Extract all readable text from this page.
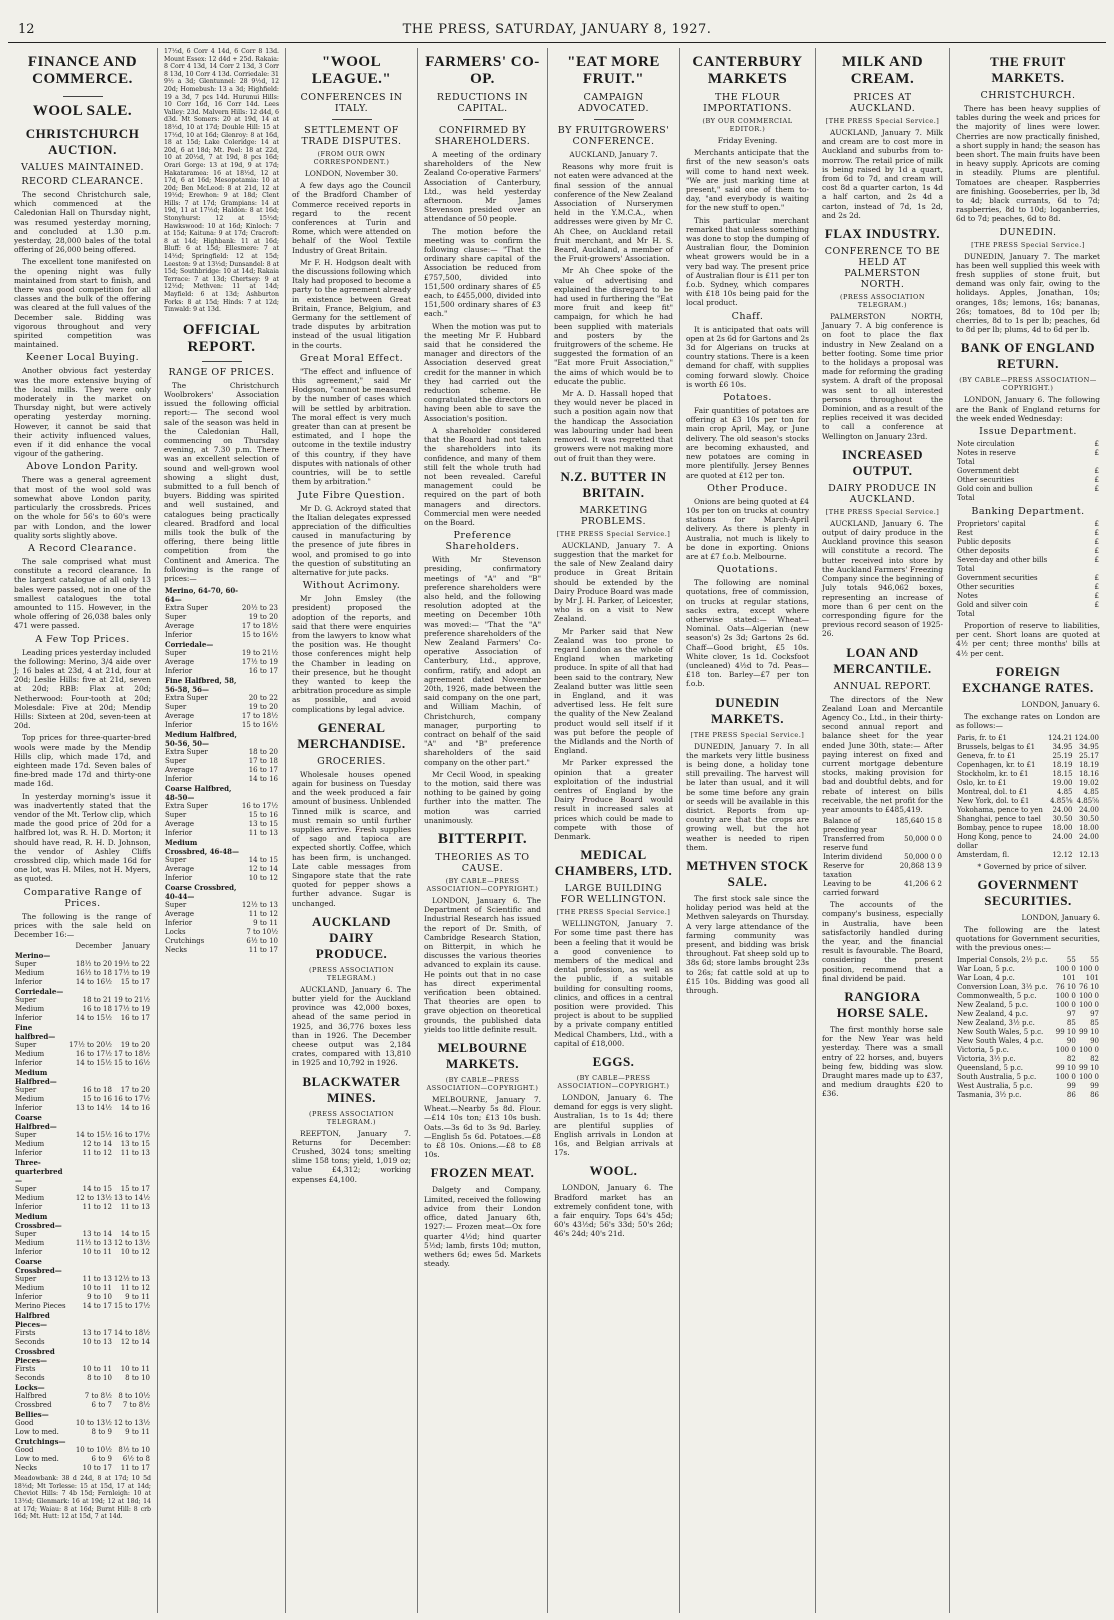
12	THE PRESS, SATURDAY, JANUARY 8, 1927.
FINANCE AND COMMERCE.
WOOL SALE.
CHRISTCHURCH AUCTION.
VALUES MAINTAINED.
RECORD CLEARANCE.

The second Christchurch sale, which commenced at the Caledonian Hall on Thursday night, was resumed yesterday morning, and concluded at 1.30 p.m. yesterday, 28,000 bales of the total offering of 26,000 being offered.

The excellent tone manifested on the opening night was fully maintained from start to finish, and there was good competition for all classes and the bulk of the offering was cleared at the full values of the December sale. Bidding was vigorous throughout and very spirited competition was maintained.

Keener Local Buying.

Another obvious fact yesterday was the more extensive buying of the local mills. They were only moderately in the market on Thursday night, but were actively operating yesterday morning. However, it cannot be said that their activity influenced values, even if it did enhance the vocal vigour of the gathering.

Above London Parity.

There was a general agreement that most of the wool sold was somewhat above London parity, particularly the crossbreds. Prices on the whole for 56's to 60's were par with London, and the lower quality sorts slightly above.

A Record Clearance.

The sale comprised what must constitute a record clearance. In the largest catalogue of all only 13 bales were passed, not in one of the smallest catalogues the total amounted to 115. However, in the whole offering of 26,038 bales only 471 were passed.

A Few Top Prices.

Leading prices yesterday included the following: Merino, 3/4 aide over J; 16 bales at 23d, 4 at 21d, four at 20d; Leslie Hills: five at 21d, seven at 20d; RBB: Flax at 20d; Netherwood: Four-tooth at 20d; Molesdale: Five at 20d; Mendip Hills: Sixteen at 20d, seven-teen at 20d.

Top prices for three-quarter-bred wools were made by the Mendip Hills clip, which made 17d, and eighteen made 17d. Seven bales of fine-bred made 17d and thirty-one made 16d.

In yesterday morning's issue it was inadvertently stated that the vendor of the Mt. Terlow clip, which made the good price of 20d for a halfbred lot, was R. H. D. Morton; it should have read, R. H. D. Johnson, the vendor of Ashley Cliffs crossbred clip, which made 16d for one lot, was H. Miles, not H. Myers, as quoted.

Comparative Range of Prices.

The following is the range of prices with the sale held on December 16:—

	December	January
Merino—		
Super	18½ to 20	19½ to 22
Medium	16½ to 18	17½ to 19
Inferior	14 to 16½	15 to 17
Corriedale—		
Super	18 to 21	19 to 21½
Medium	16 to 18	17½ to 19
Inferior	14 to 15½	16 to 17
Fine halfbred—		
Super	17½ to 20½	19 to 20
Medium	16 to 17½	17 to 18½
Inferior	14 to 15½	15 to 16½
Medium Halfbred—		
Super	16 to 18	17 to 20
Medium	15 to 16	16 to 17½
Inferior	13 to 14½	14 to 16
Coarse Halfbred—		
Super	14 to 15½	16 to 17½
Medium	12 to 14	13 to 15
Inferior	11 to 12	11 to 13
Three-quarterbred—		
Super	14 to 15	15 to 17
Medium	12 to 13½	13 to 14½
Inferior	11 to 12	11 to 13
Medium Crossbred—		
Super	13 to 14	14 to 15
Medium	11½ to 13	12 to 13½
Inferior	10 to 11	10 to 12
Coarse Crossbred—		
Super	11 to 13	12½ to 13
Medium	10 to 11	11 to 12
Inferior	9 to 10	9 to 11
Merino Pieces	14 to 17	15 to 17½
Halfbred Pieces—		
Firsts	13 to 17	14 to 18½
Seconds	10 to 13	12 to 14
Crossbred Pieces—		
Firsts	10 to 11	10 to 11
Seconds	8 to 10	8 to 10
Locks—		
Halfbred	7 to 8½	8 to 10½
Crossbred	6 to 7	7 to 8½
Bellies—		
Good	10 to 13½	12 to 13½
Low to med.	8 to 9	9 to 11
Crutchings—		
Good	10 to 10½	8½ to 10
Low to med.	6 to 9	6½ to 8
Necks	10 to 17	11 to 17

Meadowbank: 38 d 24d, 8 at 17d; 10 5d 18½d; Mt Torlesse: 15 at 15d, 17 at 14d; Cheviot Hills: 7 4b 15d; Fernleigh: 10 at 13½d; Glenmark: 16 at 19d; 12 at 18d; 14 at 17d; Waiau: 8 at 16d; Burnt Hill: 8 crb 16d; Mt. Hutt: 12 at 15d, 7 at 14d.

17½d, 6 Corr 4 14d, 6 Corr 8 13d. Mount Essex: 12 d4d + 25d. Rakaia: 8 Corr 4 13d, 14 Corr 2 13d, 3 Corr 8 13d, 10 Corr 4 13d. Corriedale: 31 9½ a 3d; Glentunnel: 28 9½d, 12 20d; Homebush: 13 a 3d; Highfield: 19 a 3d, 7 pcs 14d. Hurunui Hills: 10 Corr 16d, 16 Corr 14d. Lees Valley: 23d. Malvern Hills: 12 d4d, 6 d3d. Mt Somers: 20 at 19d, 14 at 18½d, 10 at 17d; Double Hill: 15 at 17½d, 10 at 16d; Glenroy: 8 at 16d, 18 at 15d; Lake Coleridge: 14 at 20d, 6 at 18d; Mt. Peel: 18 at 22d, 10 at 20½d, 7 at 19d, 8 pcs 16d; Orari Gorge: 13 at 19d, 9 at 17d; Hakataramea: 16 at 18½d, 12 at 17d, 6 at 16d; Mesopotamia: 10 at 20d; Ben McLeod: 8 at 21d, 12 at 19½d; Erewhon: 9 at 18d; Clent Hills: 7 at 17d; Grampians: 14 at 19d, 11 at 17½d; Haldon: 8 at 16d; Stonyhurst: 12 at 15½d; Hawkswood: 10 at 16d; Kinloch: 7 at 15d; Kaituna: 9 at 17d; Cracroft: 8 at 14d; Highbank: 11 at 16d; Bluff: 6 at 15d; Ellesmere: 7 at 14½d; Springfield: 12 at 15d; Leeston: 9 at 13½d; Dunsandel: 8 at 15d; Southbridge: 10 at 14d; Rakaia Terrace: 7 at 13d; Chertsey: 9 at 12½d; Methven: 11 at 14d; Mayfield: 6 at 13d; Ashburton Forks: 8 at 15d; Hinds: 7 at 12d; Tinwald: 9 at 13d.

OFFICIAL REPORT.
RANGE OF PRICES.

The Christchurch Woolbrokers' Association issued the following official report:— The second wool sale of the season was held in the Caledonian Hall, commencing on Thursday evening, at 7.30 p.m. There was an excellent selection of sound and well-grown wool showing a slight dust, submitted to a full bench of buyers. Bidding was spirited and well sustained, and catalogues being practically cleared. Bradford and local mills took the bulk of the offering, there being little competition from the Continent and America. The following is the range of prices:—

Merino, 64-70, 60-64—	
Extra Super	20½ to 23
Super	19 to 20
Average	17 to 18½
Inferior	15 to 16½
Corriedale—	
Super	19 to 21½
Average	17½ to 19
Inferior	16 to 17
Fine Halfbred, 58, 56-58, 56—	
Extra Super	20 to 22
Super	19 to 20
Average	17 to 18½
Inferior	15 to 16½
Medium Halfbred, 50-56, 50—	
Extra Super	18 to 20
Super	17 to 18
Average	16 to 17
Inferior	14 to 16
Coarse Halfbred, 48-50—	
Extra Super	16 to 17½
Super	15 to 16
Average	13 to 15
Inferior	11 to 13
Medium Crossbred, 46-48—	
Super	14 to 15
Average	12 to 14
Inferior	10 to 12
Coarse Crossbred, 40-44—	
Super	12½ to 13
Average	11 to 12
Inferior	9 to 11
Locks	7 to 10½
Crutchings	6½ to 10
Necks	11 to 17
"WOOL LEAGUE."
CONFERENCES IN ITALY.
SETTLEMENT OF TRADE DISPUTES.
(FROM OUR OWN CORRESPONDENT.)

LONDON, November 30.

A few days ago the Council of the Bradford Chamber of Commerce received reports in regard to the recent conferences at Turin and Rome, which were attended on behalf of the Wool Textile Industry of Great Britain.

Mr F. H. Hodgson dealt with the discussions following which Italy had proposed to become a party to the agreement already in existence between Great Britain, France, Belgium, and Germany for the settlement of trade disputes by arbitration instead of the usual litigation in the courts.

Great Moral Effect.

"The effect and influence of this agreement," said Mr Hodgson, "cannot be measured by the number of cases which will be settled by arbitration. The moral effect is very much greater than can at present be estimated, and I hope the outcome in the textile industry of this country, if they have disputes with nationals of other countries, will be to settle them by arbitration."

Jute Fibre Question.

Mr D. G. Ackroyd stated that the Italian delegates expressed appreciation of the difficulties caused in manufacturing by the presence of jute fibres in wool, and promised to go into the question of substituting an alternative for jute packs.

Without Acrimony.

Mr John Emsley (the president) proposed the adoption of the reports, and said that there were enquiries from the lawyers to know what the position was. He thought those conferences might help the Chamber in leading on their presence, but he thought they wanted to keep the arbitration procedure as simple as possible, and avoid complications by legal advice.

GENERAL MERCHANDISE.
GROCERIES.

Wholesale houses opened again for business on Tuesday and the week produced a fair amount of business. Unblended Tinned milk is scarce, and must remain so until further supplies arrive. Fresh supplies of sago and tapioca are expected shortly. Coffee, which has been firm, is unchanged. Late cable messages from Singapore state that the rate quoted for pepper shows a further advance. Sugar is unchanged.

AUCKLAND DAIRY PRODUCE.
(PRESS ASSOCIATION TELEGRAM.)

AUCKLAND, January 6. The butter yield for the Auckland province was 42,000 boxes, ahead of the same period in 1925, and 36,776 boxes less than in 1926. The December cheese output was 2,184 crates, compared with 13,810 in 1925 and 10,792 in 1926.

BLACKWATER MINES.
(PRESS ASSOCIATION TELEGRAM.)

REEFTON, January 7. Returns for December: Crushed, 3024 tons; smelting slime 158 tons; yield, 1,019 oz; value £4,312; working expenses £4,100.

FARMERS' CO-OP.
REDUCTIONS IN CAPITAL.
CONFIRMED BY SHAREHOLDERS.

A meeting of the ordinary shareholders of the New Zealand Co-operative Farmers' Association of Canterbury, Ltd., was held yesterday afternoon. Mr James Stevenson presided over an attendance of 50 people.

The motion before the meeting was to confirm the following clause:— "That the ordinary share capital of the Association be reduced from £757,500, divided into 151,500 ordinary shares of £5 each, to £455,000, divided into 151,500 ordinary shares of £3 each."

When the motion was put to the meeting Mr F. Hubbard said that he considered the manager and directors of the Association deserved great credit for the manner in which they had carried out the reduction scheme. He congratulated the directors on having been able to save the Association's position.

A shareholder considered that the Board had not taken the shareholders into its confidence, and many of them still felt the whole truth had not been revealed. Careful management could be required on the part of both managers and directors. Commercial men were needed on the Board.

Preference Shareholders.

With Mr Stevenson presiding, confirmatory meetings of "A" and "B" preference shareholders were also held, and the following resolution adopted at the meeting on December 10th was moved:— "That the "A" preference shareholders of the New Zealand Farmers' Co-operative Association of Canterbury, Ltd., approve, confirm, ratify, and adopt an agreement dated November 20th, 1926, made between the said company on the one part, and William Machin, of Christchurch, company manager, purporting to contract on behalf of the said "A" and "B" preference shareholders of the said company on the other part."

Mr Cecil Wood, in speaking to the motion, said there was nothing to be gained by going further into the matter. The motion was carried unanimously.

BITTERPIT.
THEORIES AS TO CAUSE.
(BY CABLE—PRESS ASSOCIATION—COPYRIGHT.)

LONDON, January 6. The Department of Scientific and Industrial Research has issued the report of Dr. Smith, of Cambridge Research Station, on Bitterpit, in which he discusses the various theories advanced to explain its cause. He points out that in no case has direct experimental verification been obtained. That theories are open to grave objection on theoretical grounds, the published data yields too little definite result.

MELBOURNE MARKETS.
(BY CABLE—PRESS ASSOCIATION—COPYRIGHT.)

MELBOURNE, January 7. Wheat.—Nearby 5s 8d. Flour.—£14 10s ton; £13 10s bush. Oats.—3s 6d to 3s 9d. Barley.—English 5s 6d. Potatoes.—£8 to £8 10s. Onions.—£8 to £8 10s.

FROZEN MEAT.

Dalgety and Company, Limited, received the following advice from their London office, dated January 6th, 1927:— Frozen meat—Ox fore quarter 4½d; hind quarter 5½d; lamb, firsts 10d; mutton, wethers 6d; ewes 5d. Markets steady.

"EAT MORE FRUIT."
CAMPAIGN ADVOCATED.
BY FRUITGROWERS' CONFERENCE.

AUCKLAND, January 7.

Reasons why more fruit is not eaten were advanced at the final session of the annual conference of the New Zealand Association of Nurserymen held in the Y.M.C.A., when addresses were given by Mr C. Ah Chee, on Auckland retail fruit merchant, and Mr H. S. Beard, Auckland, a member of the Fruit-growers' Association.

Mr Ah Chee spoke of the value of advertising and explained the disregard to be had used in furthering the "Eat more fruit and keep fit" campaign, for which he had been supplied with materials and posters by the fruitgrowers of the scheme. He suggested the formation of an "Eat more Fruit Association," the aims of which would be to educate the public.

Mr A. D. Hassall hoped that they would never be placed in such a position again now that the handicap the Association was labouring under had been removed. It was regretted that growers were not making more out of fruit than they were.

N.Z. BUTTER IN BRITAIN.
MARKETING PROBLEMS.
[THE PRESS Special Service.]

AUCKLAND, January 7. A suggestion that the market for the sale of New Zealand dairy produce in Great Britain should be extended by the Dairy Produce Board was made by Mr J. H. Parker, of Leicester, who is on a visit to New Zealand.

Mr Parker said that New Zealand was too prone to regard London as the whole of England when marketing produce. In spite of all that had been said to the contrary, New Zealand butter was little seen in England, and it was advertised less. He felt sure the quality of the New Zealand product would sell itself if it was put before the people of the Midlands and the North of England.

Mr Parker expressed the opinion that a greater exploitation of the industrial centres of England by the Dairy Produce Board would result in increased sales at prices which could be made to compete with those of Denmark.

MEDICAL CHAMBERS, LTD.
LARGE BUILDING FOR WELLINGTON.
[THE PRESS Special Service.]

WELLINGTON, January 7. For some time past there has been a feeling that it would be a good convenience to members of the medical and dental profession, as well as the public, if a suitable building for consulting rooms, clinics, and offices in a central position were provided. This project is about to be supplied by a private company entitled Medical Chambers, Ltd., with a capital of £18,000.

EGGS.
(BY CABLE—PRESS ASSOCIATION—COPYRIGHT.)

LONDON, January 6. The demand for eggs is very slight. Australian, 1s to 1s 4d; there are plentiful supplies of English arrivals in London at 16s, and Belgian arrivals at 17s.

WOOL.

LONDON, January 6. The Bradford market has an extremely confident tone, with a fair enquiry. Tops 64's 45d; 60's 43½d; 56's 33d; 50's 26d; 46's 24d; 40's 21d.

CANTERBURY MARKETS
THE FLOUR IMPORTATIONS.
(BY OUR COMMERCIAL EDITOR.)

Friday Evening.

Merchants anticipate that the first of the new season's oats will come to hand next week. "We are just marking time at present," said one of them to-day, "and everybody is waiting for the new stuff to open."

This particular merchant remarked that unless something was done to stop the dumping of Australian flour, the Dominion wheat growers would be in a very bad way. The present price of Australian flour is £11 per ton f.o.b. Sydney, which compares with £18 10s being paid for the local product.

Chaff.

It is anticipated that oats will open at 2s 6d for Gartons and 2s 3d for Algerians on trucks at country stations. There is a keen demand for chaff, with supplies coming forward slowly. Choice is worth £6 10s.

Potatoes.

Fair quantities of potatoes are offering at £3 10s per ton for main crop April, May, or June delivery. The old season's stocks are becoming exhausted, and new potatoes are coming in more plentifully. Jersey Bennes are quoted at £12 per ton.

Other Produce.

Onions are being quoted at £4 10s per ton on trucks at country stations for March-April delivery. As there is plenty in Australia, not much is likely to be done in exporting. Onions are at £7 f.o.b. Melbourne.

Quotations.

The following are nominal quotations, free of commission, on trucks at regular stations, sacks extra, except where otherwise stated:— Wheat—Nominal. Oats—Algerian (new season's) 2s 3d; Gartons 2s 6d. Chaff—Good bright, £5 10s. White clover, 1s 1d. Cocksfoot (uncleaned) 4½d to 7d. Peas—£18 ton. Barley—£7 per ton f.o.b.

DUNEDIN MARKETS.
[THE PRESS Special Service.]

DUNEDIN, January 7. In all the markets very little business is being done, a holiday tone still prevailing. The harvest will be later than usual, and it will be some time before any grain or seeds will be available in this district. Reports from up-country are that the crops are growing well, but the hot weather is needed to ripen them.

METHVEN STOCK SALE.

The first stock sale since the holiday period was held at the Methven saleyards on Thursday. A very large attendance of the farming community was present, and bidding was brisk throughout. Fat sheep sold up to 38s 6d; store lambs brought 23s to 26s; fat cattle sold at up to £15 10s. Bidding was good all through.

MILK AND CREAM.
PRICES AT AUCKLAND.
[THE PRESS Special Service.]

AUCKLAND, January 7. Milk and cream are to cost more in Auckland and suburbs from to-morrow. The retail price of milk is being raised by 1d a quart, from 6d to 7d, and cream will cost 8d a quarter carton, 1s 4d a half carton, and 2s 4d a carton, instead of 7d, 1s 2d, and 2s 2d.

FLAX INDUSTRY.
CONFERENCE TO BE HELD AT PALMERSTON NORTH.
(PRESS ASSOCIATION TELEGRAM.)

PALMERSTON NORTH, January 7. A big conference is on foot to place the flax industry in New Zealand on a better footing. Some time prior to the holidays a proposal was made for reforming the grading system. A draft of the proposal was sent to all interested persons throughout the Dominion, and as a result of the replies received it was decided to call a conference at Wellington on January 23rd.

INCREASED OUTPUT.
DAIRY PRODUCE IN AUCKLAND.
[THE PRESS Special Service.]

AUCKLAND, January 6. The output of dairy produce in the Auckland province this season will constitute a record. The butter received into store by the Auckland Farmers' Freezing Company since the beginning of July totals 946,062 boxes, representing an increase of more than 6 per cent on the corresponding figure for the previous record season of 1925-26.

LOAN AND MERCANTILE.
ANNUAL REPORT.

The directors of the New Zealand Loan and Mercantile Agency Co., Ltd., in their thirty-second annual report and balance sheet for the year ended June 30th, state:— After paying interest on fixed and current mortgage debenture stocks, making provision for bad and doubtful debts, and for rebate of interest on bills receivable, the net profit for the year amounts to £485,419.

Balance of preceding year	185,640 15 8
Transferred from reserve fund	50,000 0 0
Interim dividend	50,000 0 0
Reserve for taxation	20,868 13 9
Leaving to be carried forward	41,206 6 2

The accounts of the company's business, especially in Australia, have been satisfactorily handled during the year, and the financial result is favourable. The Board, considering the present position, recommend that a final dividend be paid.

RANGIORA HORSE SALE.

The first monthly horse sale for the New Year was held yesterday. There was a small entry of 22 horses, and, buyers being few, bidding was slow. Draught mares made up to £37, and medium draughts £20 to £36.

THE FRUIT MARKETS.
CHRISTCHURCH.

There has been heavy supplies of tables during the week and prices for the majority of lines were lower. Cherries are now practically finished, a short supply in hand; the season has been short. The main fruits have been in heavy supply. Apricots are coming in steadily. Plums are plentiful. Tomatoes are cheaper. Raspberries are finishing. Gooseberries, per lb, 3d to 4d; black currants, 6d to 7d; raspberries, 8d to 10d; loganberries, 6d to 7d; peaches, 6d to 8d.

DUNEDIN.
[THE PRESS Special Service.]

DUNEDIN, January 7. The market has been well supplied this week with fresh supplies of stone fruit, but demand was only fair, owing to the holidays. Apples, Jonathan, 10s; oranges, 18s; lemons, 16s; bananas, 26s; tomatoes, 8d to 10d per lb; cherries, 8d to 1s per lb; peaches, 6d to 8d per lb; plums, 4d to 6d per lb.

BANK OF ENGLAND RETURN.
(BY CABLE—PRESS ASSOCIATION—COPYRIGHT.)

LONDON, January 6. The following are the Bank of England returns for the week ended Wednesday:

Issue Department.
Note circulation	£
Notes in reserve	£
Total	
Government debt	£
Other securities	£
Gold coin and bullion	£
Total	
Banking Department.
Proprietors' capital	£
Rest	£
Public deposits	£
Other deposits	£
Seven-day and other bills	£
Total	
Government securities	£
Other securities	£
Notes	£
Gold and silver coin	£
Total	

Proportion of reserve to liabilities, per cent. Short loans are quoted at 4½ per cent; three months' bills at 4½ per cent.

FOREIGN EXCHANGE RATES.

LONDON, January 6.

The exchange rates on London are as follows:—

Paris, fr. to £1	124.21	124.00
Brussels, belgas to £1	34.95	34.95
Geneva, fr. to £1	25.19	25.17
Copenhagen, kr. to £1	18.19	18.19
Stockholm, kr. to £1	18.15	18.16
Oslo, kr. to £1	19.00	19.02
Montreal, dol. to £1	4.85	4.85
New York, dol. to £1	4.85⅝	4.85⅝
Yokohama, pence to yen	24.00	24.00
Shanghai, pence to tael	30.50	30.50
Bombay, pence to rupee	18.00	18.00
Hong Kong, pence to dollar	24.00	24.00
Amsterdam, fl.	12.12	12.13

* Governed by price of silver.

GOVERNMENT SECURITIES.

LONDON, January 6.

The following are the latest quotations for Government securities, with the previous ones:—

Imperial Consols, 2½ p.c.	55	55
War Loan, 5 p.c.	100 0	100 0
War Loan, 4 p.c.	101	101
Conversion Loan, 3½ p.c.	76 10	76 10
Commonwealth, 5 p.c.	100 0	100 0
New Zealand, 5 p.c.	100 0	100 0
New Zealand, 4 p.c.	97	97
New Zealand, 3½ p.c.	85	85
New South Wales, 5 p.c.	99 10	99 10
New South Wales, 4 p.c.	90	90
Victoria, 5 p.c.	100 0	100 0
Victoria, 3½ p.c.	82	82
Queensland, 5 p.c.	99 10	99 10
South Australia, 5 p.c.	100 0	100 0
West Australia, 5 p.c.	99	99
Tasmania, 3½ p.c.	86	86
